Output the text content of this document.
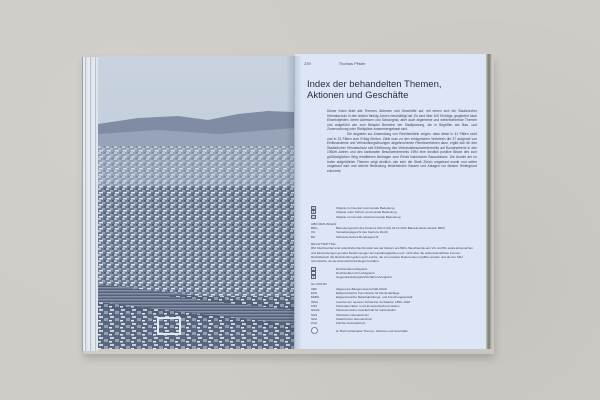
239	Thomas Pfister
Index der behandelten Themen,
Aktionen und Geschäfte

Dieser Index listet alle Themen, Aktionen und Geschäfte auf, mit denen sich der Stadtzürcher Heimatschutz in den letzten fünfzig Jahren beschäftigt hat. Es sind über 400 Einträge, gegliedert nach Einzelobjekten, deren Adressen und Schutzgrad, aber auch allgemeine und wiederkehrende Themen und aufgeführt wie zum Beispiel Bereiche der Stadtplanung, die in Begriffen wie Bau- und Zonenordnung oder Richtpläne zusammengefasst sind.

Die Angaben zur Anwendung von Rechtsmitteln zeigen, dass diese in 41 Fällen nicht und in 31 Fällen zum Erfolg führten. Zählt man zu den erfolgreichen Verfahren die 37 aufgrund von Einflussnahme und Verhandlungslösungen abgebrochenen Rechtsverfahren dazu, ergibt sich für den Stadtzürcher Heimatschutz seit Einführung des Verbandsbeschwerderechts auf Bundesebene in den 1960er-Jahren und des kantonalen Beschwerderechts 1994 eine deutlich positive Bilanz des zum größtmöglichen Weg erstrittenen Beitragen zum Erhalt historischer Bausubstanz. Die Anzahl der im Index aufgeführten Themen zeigt deutlich, wie sehr die Stadt Zürich umgebaut wurde und weiter umgebaut wird und welche Bedeutung bestehenden Bauten und Anlagen vor diesem Hintergrund zukommt.

K	Objekte im Inventar, kommunale Bedeutung
S	Objekte unter Schutz, kommunale Bedeutung
Ü	Objekte im Inventar, überkommunale Bedeutung
ABKÜRZUNGEN
BRG	Baurekursgericht des Kantons Zürich (bis 31.12.2010 Baurekurskommission BRK)
VG	Verwaltungsgericht des Kantons Zürich
BG	Schweizerisches Bundesgericht
RECHTSMITTEL
RM: Rechtsmittel sind ordentliche Rechtsmittel wie der Rekurs ans BRG, Beschwerde ans VG und BG sowie Einsprachen und Einwendungen gemäss Bestimmungen bei Gestaltungsplänen etc. nicht aber die außerordentlichen Formen Rechtsbehelf. Als Rechtsmittel gelten auch solche, die von privaten Rekurrenten ergriffen werden und die der SZH unterstützte, da sie Heimatschutzanliegen betrafen.
+	Rechtsmittel erfolgreich
−	Rechtsmittel nicht erfolgreich
±	Gegenstandslosigkeit/Verfahren/Vergleich
GLOSSAR
ABZ	Allgemeine Baugenossenschaft Zürich
EKD	Eidgenössische Kommission für Denkmalpflege
EMPA	Eidgenössische Materialprüfungs- und Forschungsanstalt
INSA	Inventar der neueren Schweizer Architektur, 1850–1920
KNS	Kantonale Natur- und Heimatschutzkommission
SGGK	Schweizerische Gesellschaft für Gartenkultur
SHS	Schweizer Heimatschutz
SZH	Stadtzürcher Heimatschutz
ZVH	Zürcher Heimatschutz
im Buch behandelte Themen, Aktionen und Geschäfte
